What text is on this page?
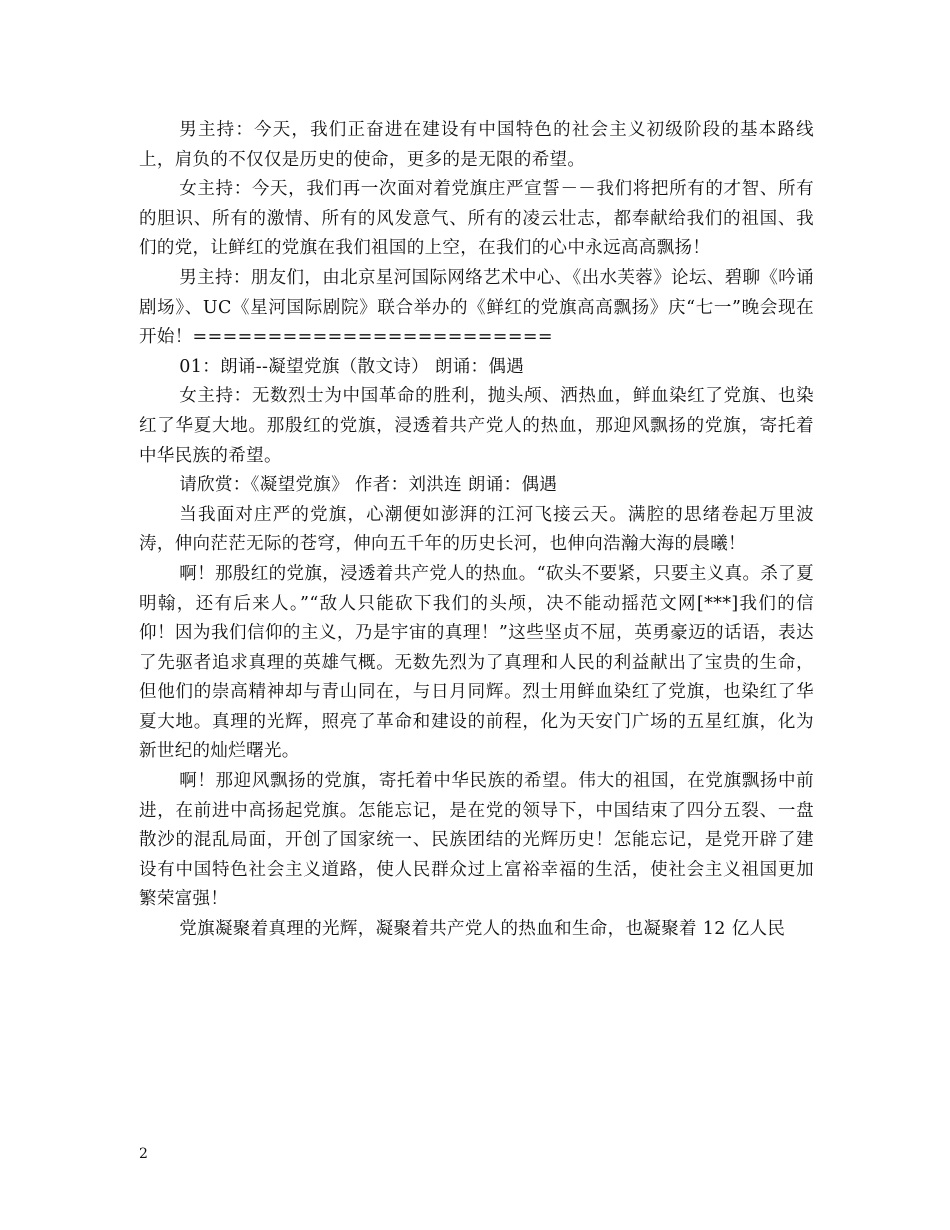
男主持：今天，我们正奋进在建设有中国特色的社会主义初级阶段的基本路线上，肩负的不仅仅是历史的使命，更多的是无限的希望。

女主持：今天，我们再一次面对着党旗庄严宣誓－－我们将把所有的才智、所有的胆识、所有的激情、所有的风发意气、所有的凌云壮志，都奉献给我们的祖国、我们的党，让鲜红的党旗在我们祖国的上空，在我们的心中永远高高飘扬！

男主持：朋友们，由北京星河国际网络艺术中心、《出水芙蓉》论坛、碧聊《吟诵剧场》、UC《星河国际剧院》联合举办的《鲜红的党旗高高飘扬》庆“七一”晚会现在开始！========================

01：朗诵--凝望党旗（散文诗） 朗诵：偶遇

女主持：无数烈士为中国革命的胜利，抛头颅、洒热血，鲜血染红了党旗、也染红了华夏大地。那殷红的党旗，浸透着共产党人的热血，那迎风飘扬的党旗，寄托着中华民族的希望。

请欣赏：《凝望党旗》 作者：刘洪连 朗诵：偶遇

当我面对庄严的党旗，心潮便如澎湃的江河飞接云天。满腔的思绪卷起万里波涛，伸向茫茫无际的苍穹，伸向五千年的历史长河，也伸向浩瀚大海的晨曦！

啊！那殷红的党旗，浸透着共产党人的热血。“砍头不要紧，只要主义真。杀了夏明翰，还有后来人。”“敌人只能砍下我们的头颅，决不能动摇范文网[***]我们的信仰！因为我们信仰的主义，乃是宇宙的真理！”这些坚贞不屈，英勇豪迈的话语，表达了先驱者追求真理的英雄气概。无数先烈为了真理和人民的利益献出了宝贵的生命，但他们的崇高精神却与青山同在，与日月同辉。烈士用鲜血染红了党旗，也染红了华夏大地。真理的光辉，照亮了革命和建设的前程，化为天安门广场的五星红旗，化为新世纪的灿烂曙光。

啊！那迎风飘扬的党旗，寄托着中华民族的希望。伟大的祖国，在党旗飘扬中前进，在前进中高扬起党旗。怎能忘记，是在党的领导下，中国结束了四分五裂、一盘散沙的混乱局面，开创了国家统一、民族团结的光辉历史！怎能忘记，是党开辟了建设有中国特色社会主义道路，使人民群众过上富裕幸福的生活，使社会主义祖国更加繁荣富强！

党旗凝聚着真理的光辉，凝聚着共产党人的热血和生命，也凝聚着 12 亿人民

2
